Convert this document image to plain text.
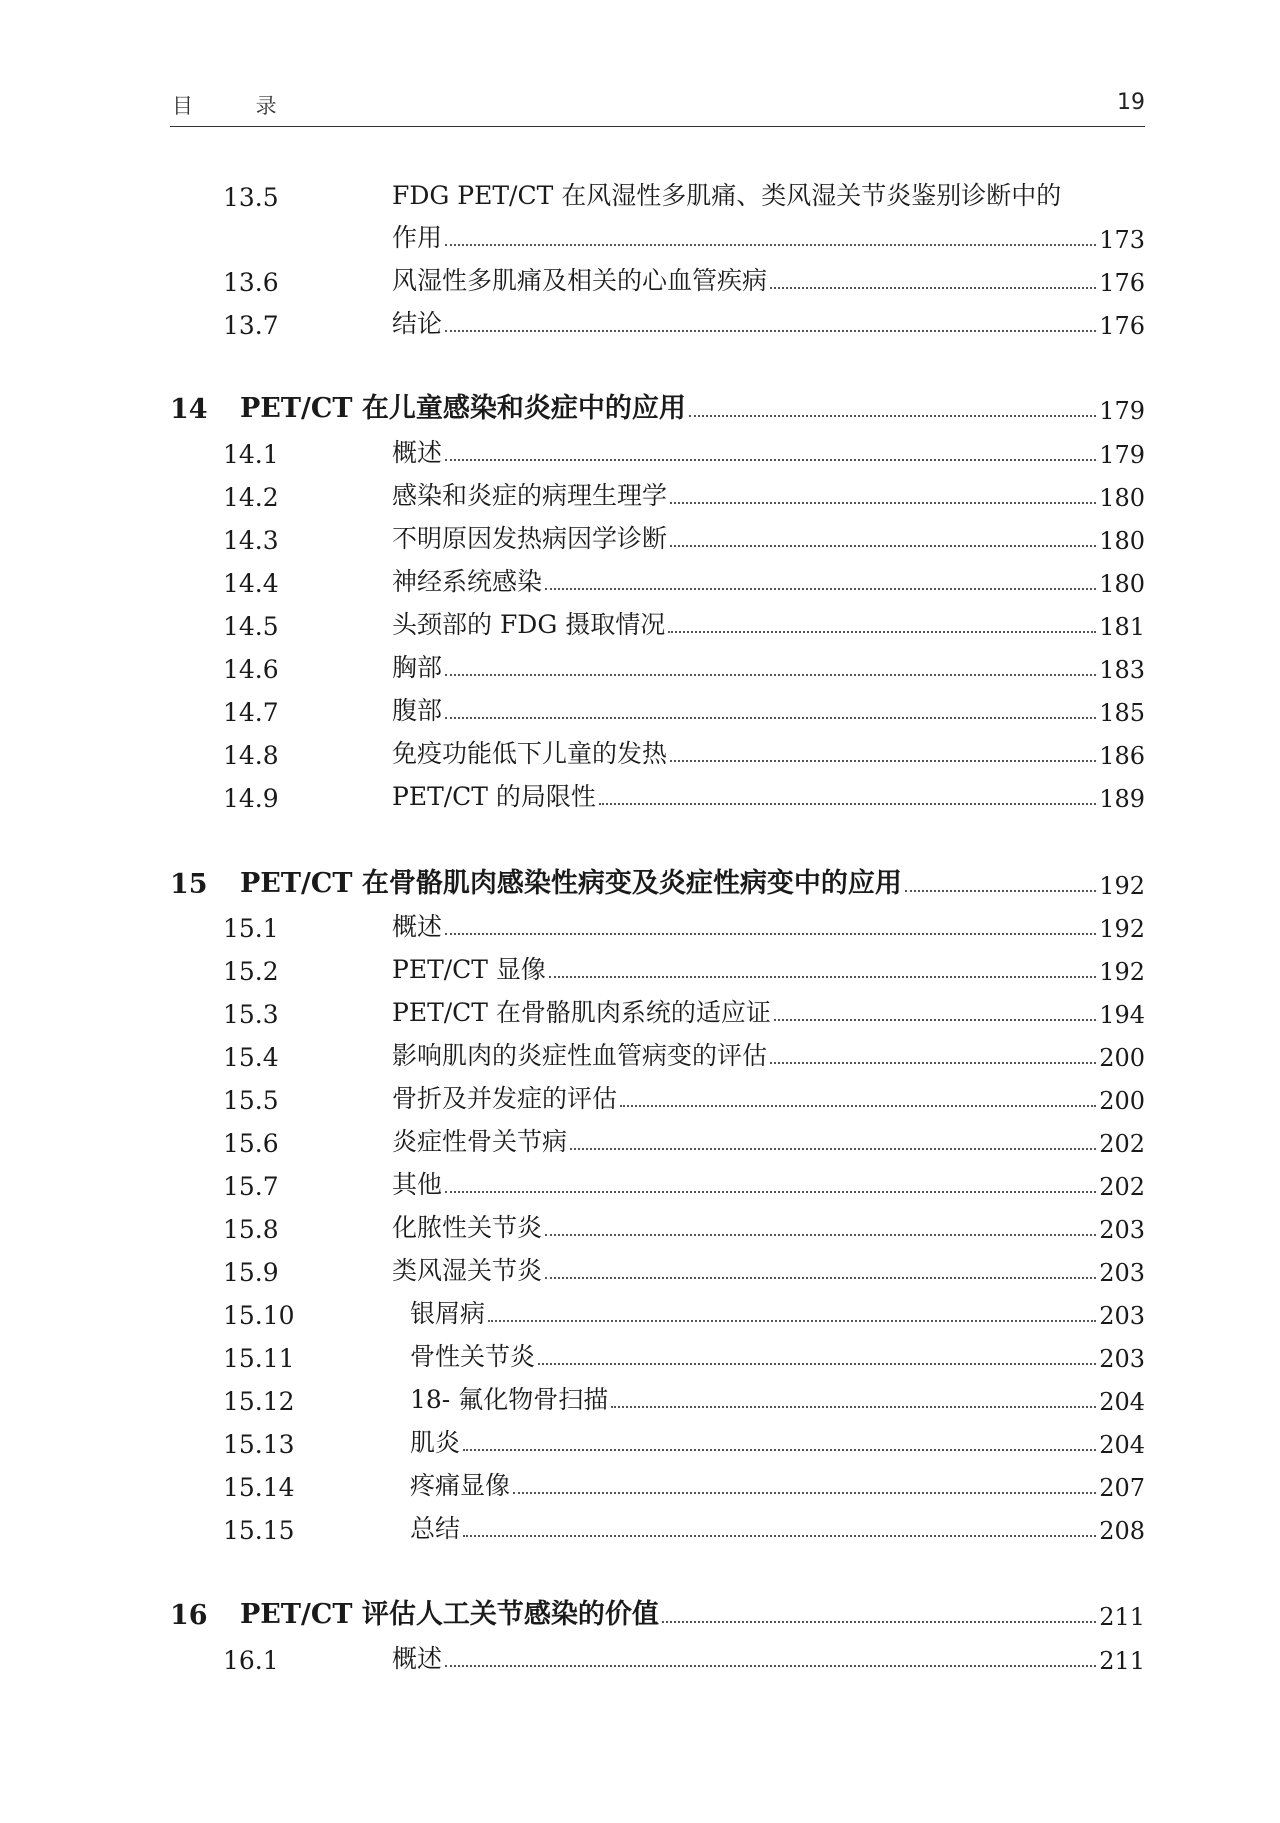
目 录	19
13.5	FDG PET/CT 在风湿性多肌痛、类风湿关节炎鉴别诊断中的
作用	173
13.6	风湿性多肌痛及相关的心血管疾病	176
13.7	结论	176
14	PET/CT 在儿童感染和炎症中的应用	179
14.1	概述	179
14.2	感染和炎症的病理生理学	180
14.3	不明原因发热病因学诊断	180
14.4	神经系统感染	180
14.5	头颈部的 FDG 摄取情况	181
14.6	胸部	183
14.7	腹部	185
14.8	免疫功能低下儿童的发热	186
14.9	PET/CT 的局限性	189
15	PET/CT 在骨骼肌肉感染性病变及炎症性病变中的应用	192
15.1	概述	192
15.2	PET/CT 显像	192
15.3	PET/CT 在骨骼肌肉系统的适应证	194
15.4	影响肌肉的炎症性血管病变的评估	200
15.5	骨折及并发症的评估	200
15.6	炎症性骨关节病	202
15.7	其他	202
15.8	化脓性关节炎	203
15.9	类风湿关节炎	203
15.10	银屑病	203
15.11	骨性关节炎	203
15.12	18- 氟化物骨扫描	204
15.13	肌炎	204
15.14	疼痛显像	207
15.15	总结	208
16	PET/CT 评估人工关节感染的价值	211
16.1	概述	211
